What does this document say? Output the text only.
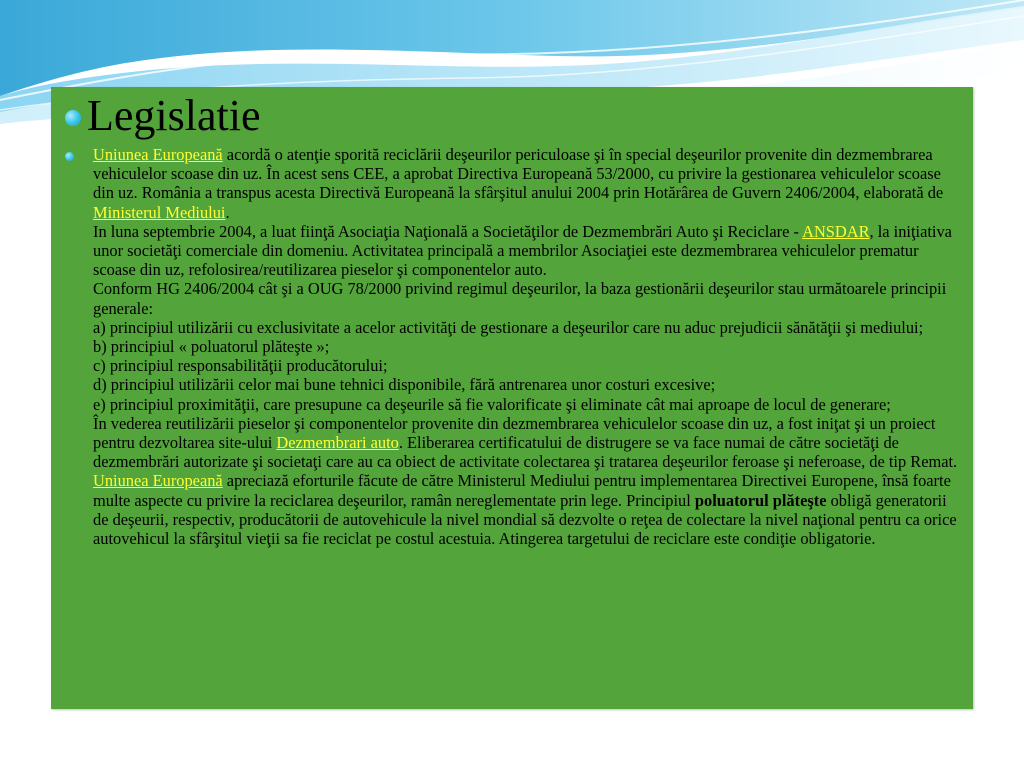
Legislatie
Uniunea Europeană acordă o atenţie sporită reciclării deşeurilor periculoase şi în special deşeurilor provenite din dezmembrarea vehiculelor scoase din uz. În acest sens CEE, a aprobat Directiva Europeană 53/2000, cu privire la gestionarea vehiculelor scoase din uz. România a transpus acesta Directivă Europeană la sfârşitul anului 2004 prin Hotărârea de Guvern 2406/2004, elaborată de Ministerul Mediului.
In luna septembrie 2004, a luat fiinţă Asociaţia Naţională a Societăţilor de Dezmembrări Auto şi Reciclare - ANSDAR, la iniţiativa unor societăţi comerciale din domeniu. Activitatea principală a membrilor Asociaţiei este dezmembrarea vehiculelor prematur scoase din uz, refolosirea/reutilizarea pieselor şi componentelor auto.
Conform HG 2406/2004 cât şi a OUG 78/2000 privind regimul deşeurilor, la baza gestionării deşeurilor stau următoarele principii generale:
a) principiul utilizării cu exclusivitate a acelor activităţi de gestionare a deşeurilor care nu aduc prejudicii sănătăţii şi mediului;
b) principiul « poluatorul plăteşte »;
c) principiul responsabilităţii producătorului;
d) principiul utilizării celor mai bune tehnici disponibile, fără antrenarea unor costuri excesive;
e) principiul proximităţii, care presupune ca deşeurile să fie valorificate şi eliminate cât mai aproape de locul de generare;
În vederea reutilizării pieselor şi componentelor provenite din dezmembrarea vehiculelor scoase din uz, a fost iniţat şi un proiect pentru dezvoltarea site-ului Dezmembrari auto. Eliberarea certificatului de distrugere se va face numai de către societăţi de dezmembrări autorizate şi societaţi care au ca obiect de activitate colectarea şi tratarea deşeurilor feroase şi neferoase, de tip Remat. Uniunea Europeană apreciază eforturile făcute de către Ministerul Mediului pentru implementarea Directivei Europene, însă foarte multe aspecte cu privire la reciclarea deşeurilor, ramân nereglementate prin lege. Principiul poluatorul plăteşte obligă generatorii de deşeurii, respectiv, producătorii de autovehicule la nivel mondial să dezvolte o reţea de colectare la nivel naţional pentru ca orice autovehicul la sfârşitul vieţii sa fie reciclat pe costul acestuia. Atingerea targetului de reciclare este condiţie obligatorie.
